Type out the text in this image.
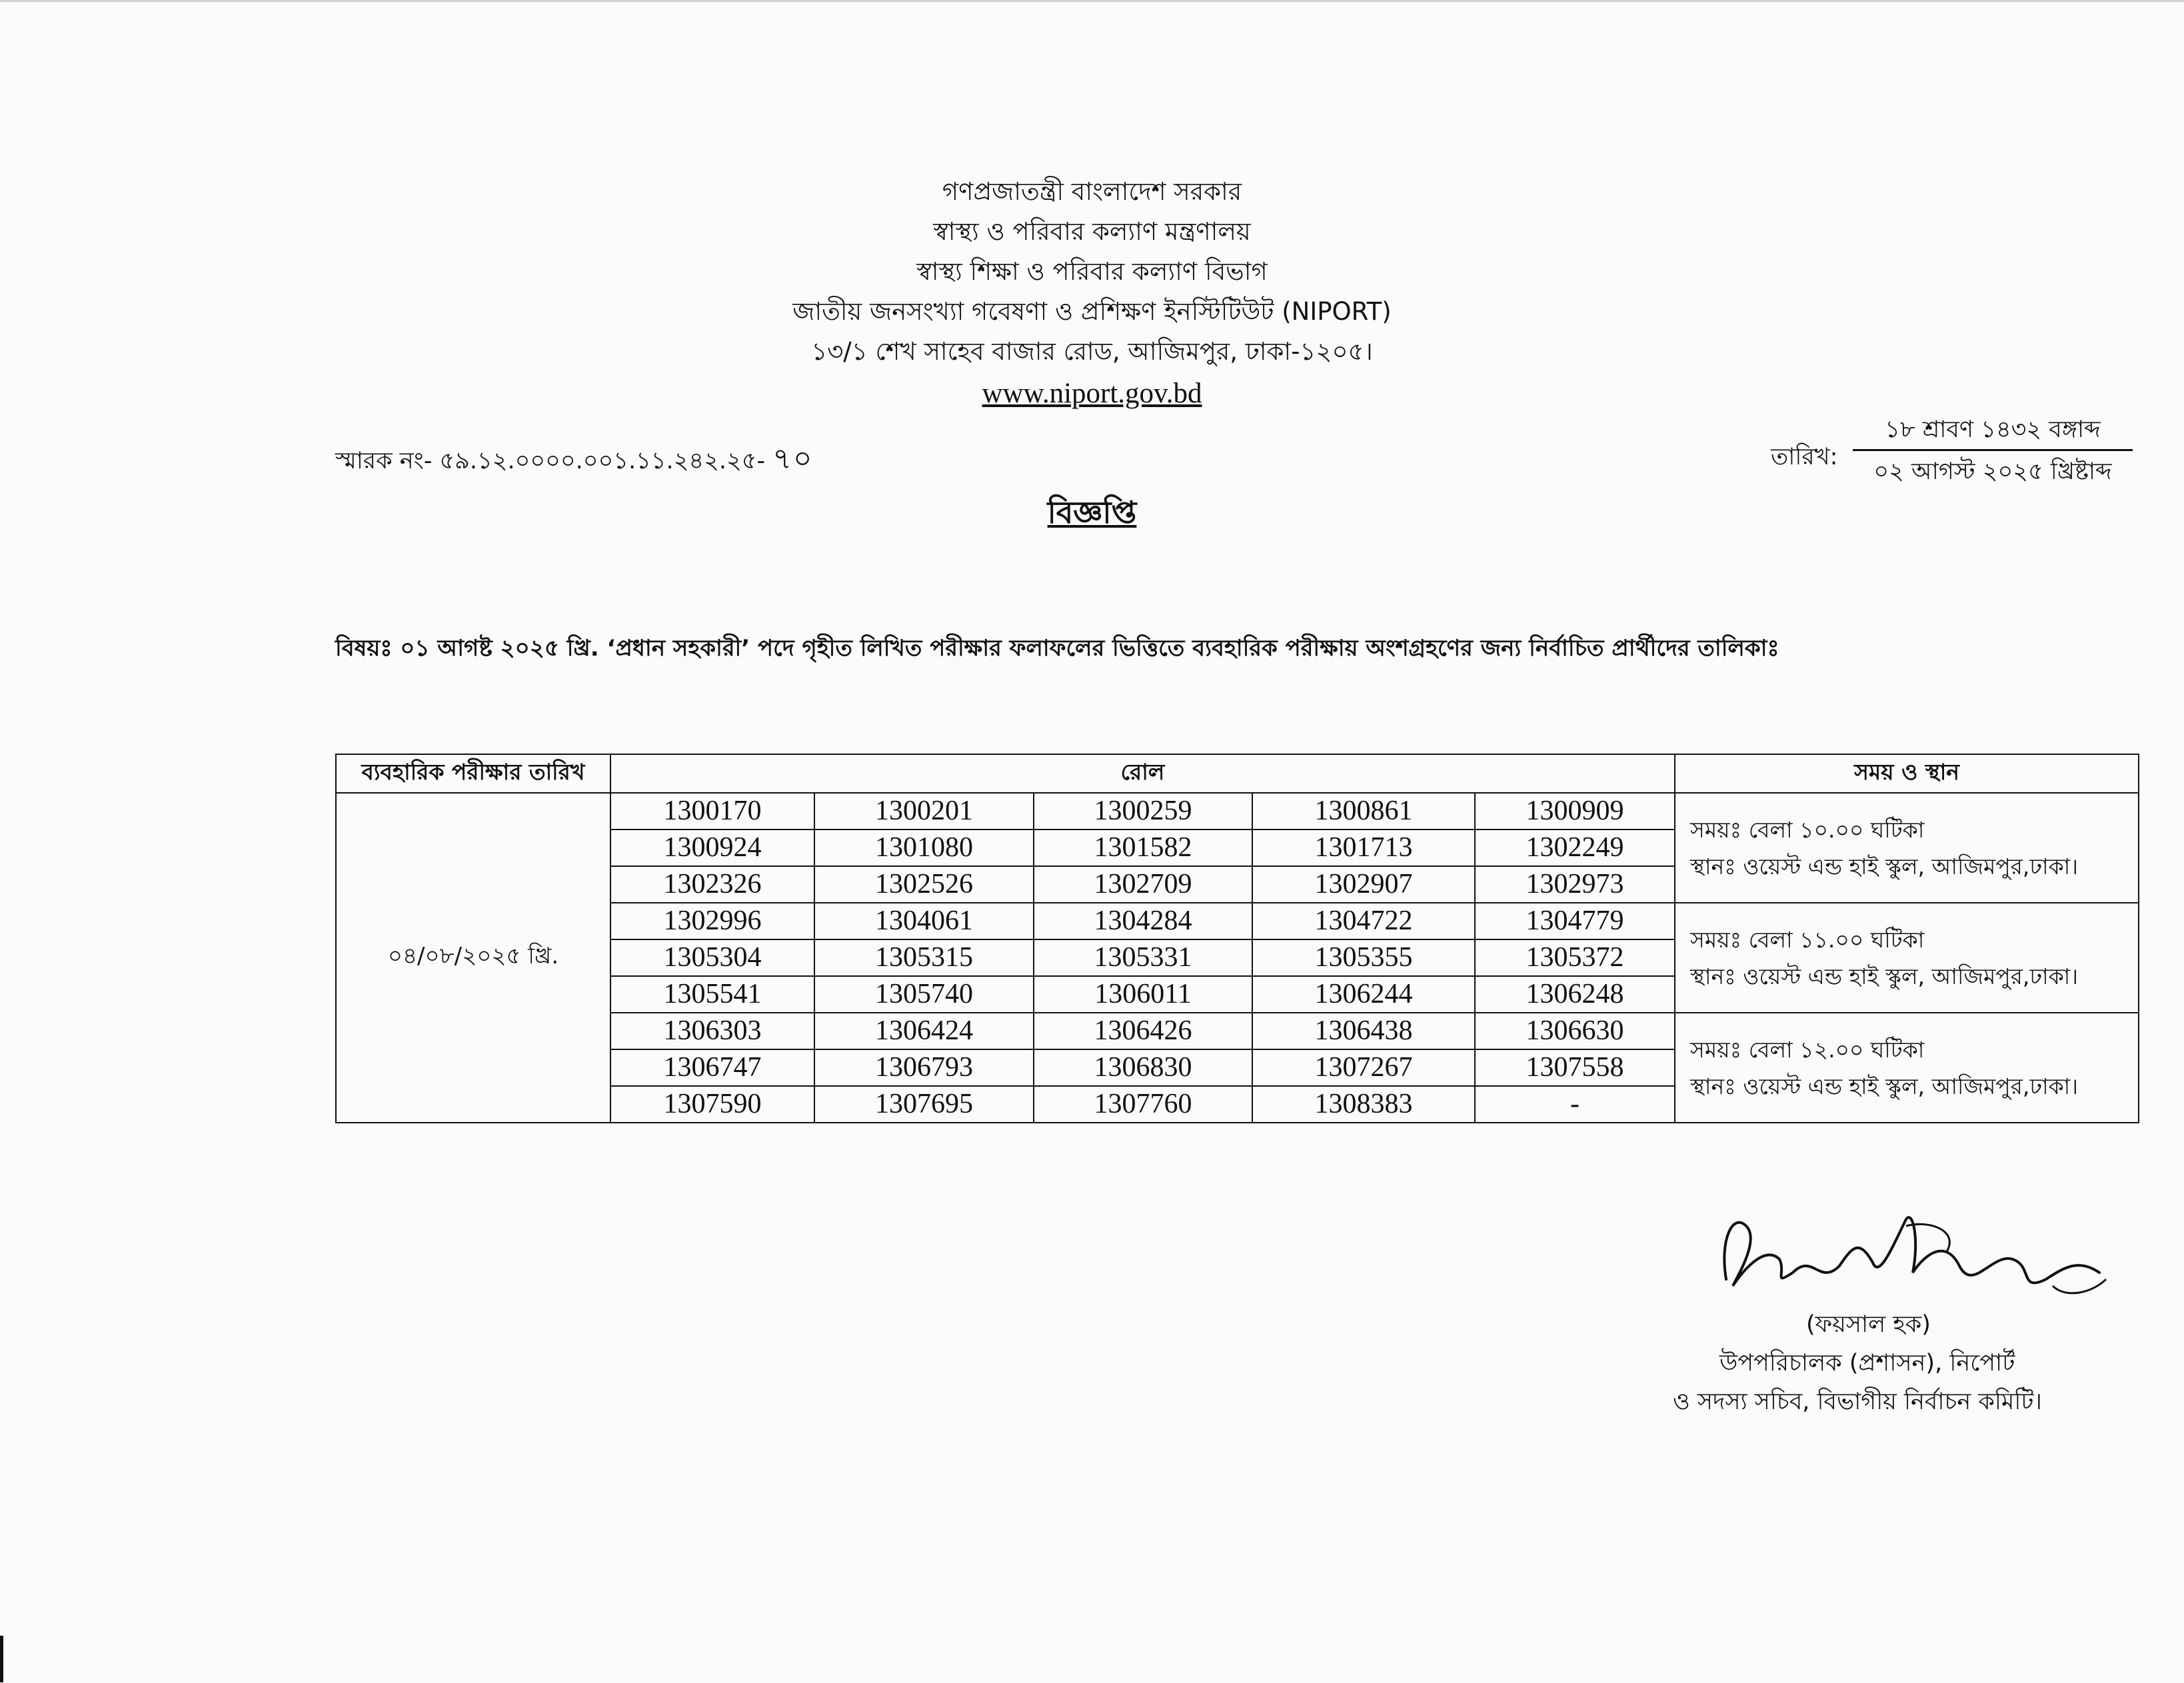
গণপ্রজাতন্ত্রী বাংলাদেশ সরকার
স্বাস্থ্য ও পরিবার কল্যাণ মন্ত্রণালয়
স্বাস্থ্য শিক্ষা ও পরিবার কল্যাণ বিভাগ
জাতীয় জনসংখ্যা গবেষণা ও প্রশিক্ষণ ইনস্টিটিউট (NIPORT)
১৩/১ শেখ সাহেব বাজার রোড, আজিমপুর, ঢাকা-১২০৫।
www.niport.gov.bd
স্মারক নং- ৫৯.১২.০০০০.০০১.১১.২৪২.২৫- ৭০	তারিখ:
১৮ শ্রাবণ ১৪৩২ বঙ্গাব্দ
০২ আগস্ট ২০২৫ খ্রিষ্টাব্দ
বিজ্ঞপ্তি
বিষয়ঃ ০১ আগষ্ট ২০২৫ খ্রি. ‘প্রধান সহকারী’ পদে গৃহীত লিখিত পরীক্ষার ফলাফলের ভিত্তিতে ব্যবহারিক পরীক্ষায় অংশগ্রহণের জন্য নির্বাচিত প্রার্থীদের তালিকাঃ
ব্যবহারিক পরীক্ষার তারিখ	রোল					সময় ও স্থান
০৪/০৮/২০২৫ খ্রি.	1300170	1300201	1300259	1300861	1300909	সময়ঃ বেলা ১০.০০ ঘটিকা
স্থানঃ ওয়েস্ট এন্ড হাই স্কুল, আজিমপুর,ঢাকা।

	1300924	1301080	1301582	1301713	1302249	
	1302326	1302526	1302709	1302907	1302973	
	1302996	1304061	1304284	1304722	1304779	সময়ঃ বেলা ১১.০০ ঘটিকা
স্থানঃ ওয়েস্ট এন্ড হাই স্কুল, আজিমপুর,ঢাকা।

	1305304	1305315	1305331	1305355	1305372	
	1305541	1305740	1306011	1306244	1306248	
	1306303	1306424	1306426	1306438	1306630	সময়ঃ বেলা ১২.০০ ঘটিকা
স্থানঃ ওয়েস্ট এন্ড হাই স্কুল, আজিমপুর,ঢাকা।

	1306747	1306793	1306830	1307267	1307558	
	1307590	1307695	1307760	1308383	-	
(ফয়সাল হক)
উপপরিচালক (প্রশাসন), নিপোর্ট
ও সদস্য সচিব, বিভাগীয় নির্বাচন কমিটি।
